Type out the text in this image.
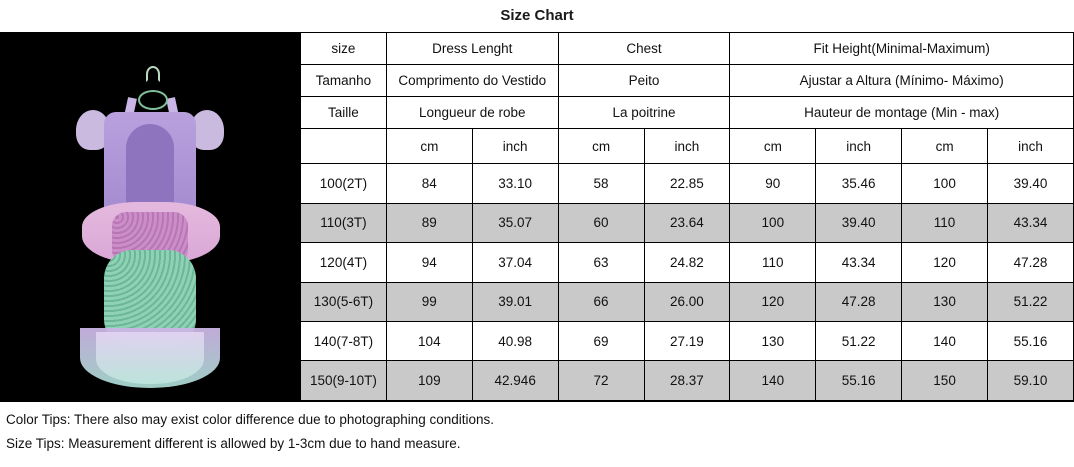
Size Chart
size	Dress Lenght		Chest		Fit Height(Minimal-Maximum)			
Tamanho	Comprimento do Vestido		Peito		Ajustar a Altura (Mínimo- Máximo)			
Taille	Longueur de robe		La poitrine		Hauteur de montage (Min - max)			
	cm	inch	cm	inch	cm	inch	cm	inch
100(2T)	84	33.10	58	22.85	90	35.46	100	39.40
110(3T)	89	35.07	60	23.64	100	39.40	110	43.34
120(4T)	94	37.04	63	24.82	110	43.34	120	47.28
130(5-6T)	99	39.01	66	26.00	120	47.28	130	51.22
140(7-8T)	104	40.98	69	27.19	130	51.22	140	55.16
150(9-10T)	109	42.946	72	28.37	140	55.16	150	59.10

Color Tips: There also may exist color difference due to photographing conditions.

Size Tips: Measurement different is allowed by 1-3cm due to hand measure.
